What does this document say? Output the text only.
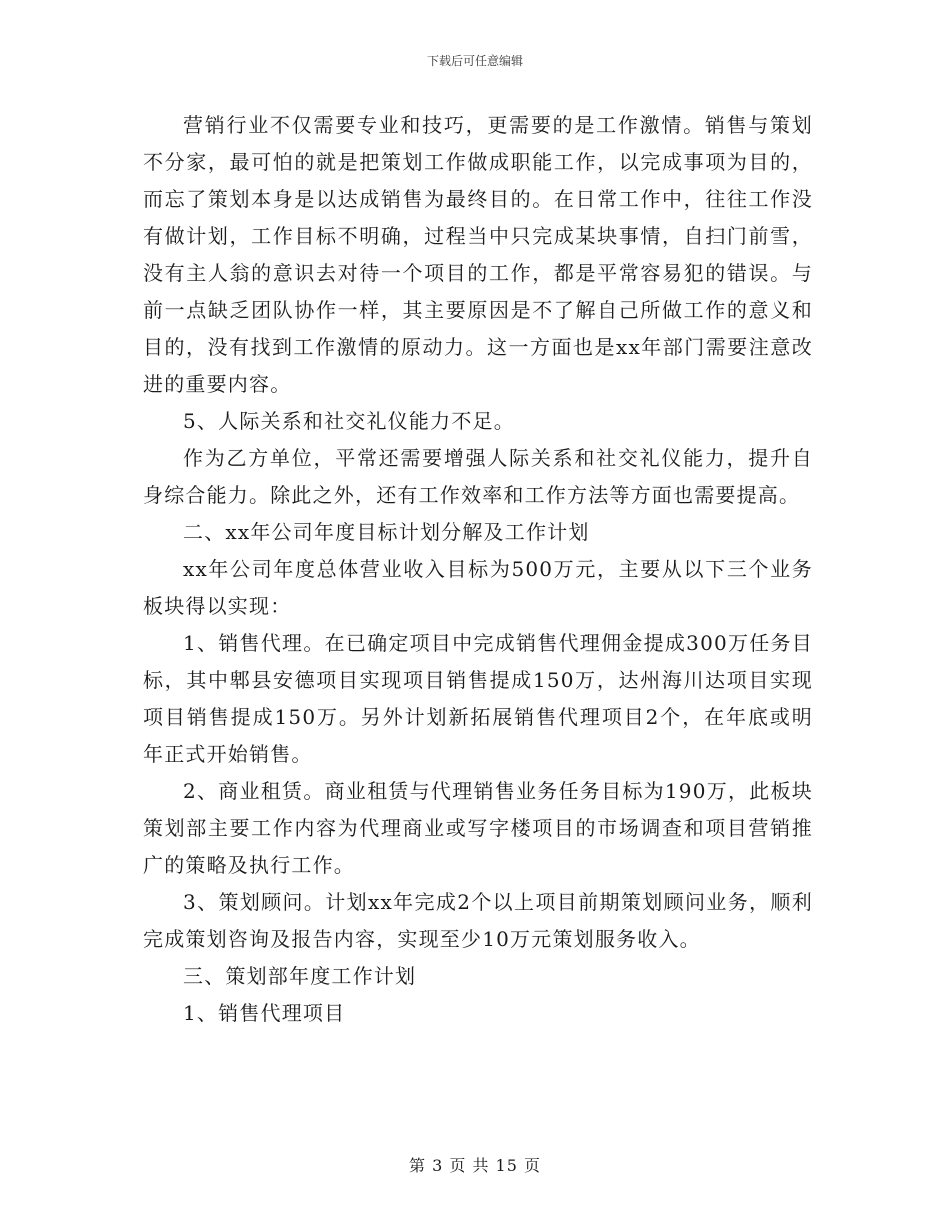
下载后可任意编辑

营销行业不仅需要专业和技巧，更需要的是工作激情。销售与策划不分家，最可怕的就是把策划工作做成职能工作，以完成事项为目的，而忘了策划本身是以达成销售为最终目的。在日常工作中，往往工作没有做计划，工作目标不明确，过程当中只完成某块事情，自扫门前雪，没有主人翁的意识去对待一个项目的工作，都是平常容易犯的错误。与前一点缺乏团队协作一样，其主要原因是不了解自己所做工作的意义和目的，没有找到工作激情的原动力。这一方面也是xx年部门需要注意改进的重要内容。

5、人际关系和社交礼仪能力不足。

作为乙方单位，平常还需要增强人际关系和社交礼仪能力，提升自身综合能力。除此之外，还有工作效率和工作方法等方面也需要提高。

二、xx年公司年度目标计划分解及工作计划

xx年公司年度总体营业收入目标为500万元，主要从以下三个业务板块得以实现：

1、销售代理。在已确定项目中完成销售代理佣金提成300万任务目标，其中郫县安德项目实现项目销售提成150万，达州海川达项目实现项目销售提成150万。另外计划新拓展销售代理项目2个，在年底或明年正式开始销售。

2、商业租赁。商业租赁与代理销售业务任务目标为190万，此板块策划部主要工作内容为代理商业或写字楼项目的市场调查和项目营销推广的策略及执行工作。

3、策划顾问。计划xx年完成2个以上项目前期策划顾问业务，顺利完成策划咨询及报告内容，实现至少10万元策划服务收入。

三、策划部年度工作计划

1、销售代理项目

第 3 页 共 15 页
